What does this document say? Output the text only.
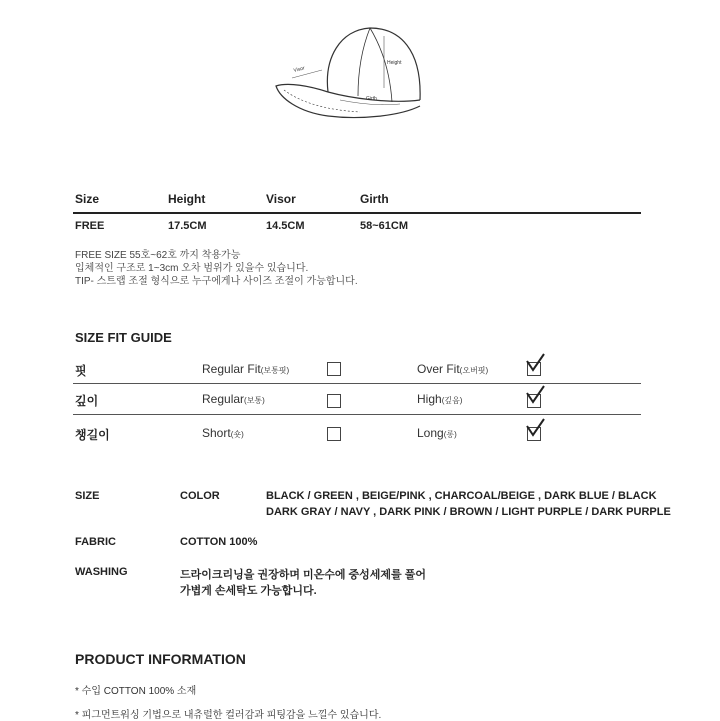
Visor
Height
Girth
Size	Height	Visor	Girth
FREE	17.5CM	14.5CM	58~61CM
FREE SIZE 55호~62호 까지 착용가능
입체적인 구조로 1~3cm 오차 범위가 있을수 있습니다.
TIP- 스트랩 조절 형식으로 누구에게나 사이즈 조절이 가능합니다.
SIZE FIT GUIDE
핏	Regular Fit(보통핏)	Over Fit(오버핏)
깊이	Regular(보통)	High(깊음)
챙길이	Short(숏)	Long(롱)
SIZE	COLOR	BLACK / GREEN , BEIGE/PINK , CHARCOAL/BEIGE , DARK BLUE / BLACK
DARK GRAY / NAVY , DARK PINK / BROWN / LIGHT PURPLE / DARK PURPLE
FABRIC	COTTON 100%
WASHING	드라이크리닝을 권장하며 미온수에 중성세제를 풀어
가볍게 손세탁도 가능합니다.
PRODUCT INFORMATION
* 수입 COTTON 100% 소재
* 피그먼트워싱 기법으로 내츄럴한 컬러감과 피팅감을 느낄수 있습니다.
